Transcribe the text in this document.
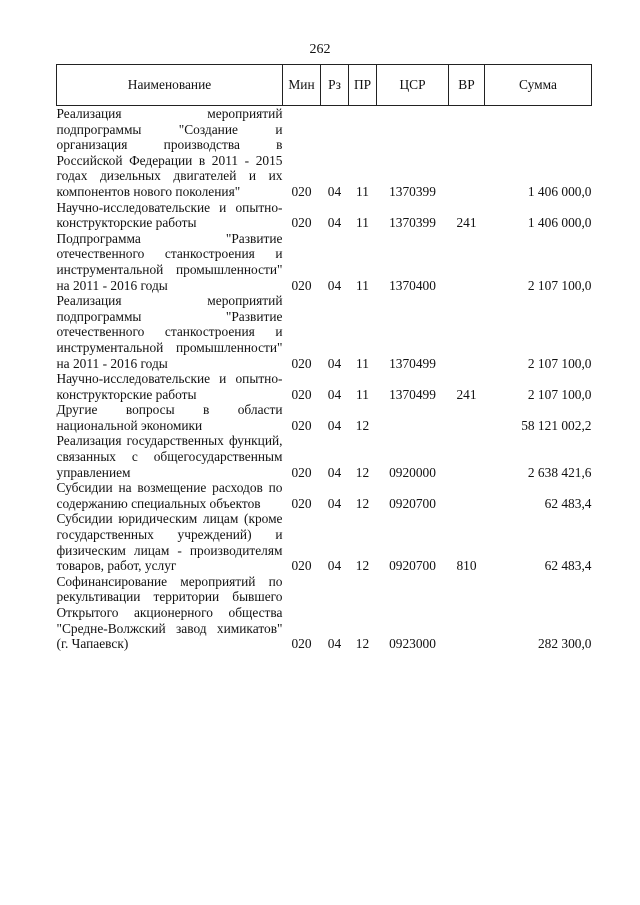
262
Наименование	Мин	Рз	ПР	ЦСР	ВР	Сумма
Реализация мероприятий подпрограммы "Создание и организация производства в Российской Федерации в 2011 - 2015 годах дизельных двигателей и их компонентов нового поколения"	020	04	11	1370399		1 406 000,0
Научно-исследовательские и опытно-конструкторские работы	020	04	11	1370399	241	1 406 000,0
Подпрограмма "Развитие отечественного станкостроения и инструментальной промышленности" на 2011 - 2016 годы	020	04	11	1370400		2 107 100,0
Реализация мероприятий подпрограммы "Развитие отечественного станкостроения и инструментальной промышленности" на 2011 - 2016 годы	020	04	11	1370499		2 107 100,0
Научно-исследовательские и опытно-конструкторские работы	020	04	11	1370499	241	2 107 100,0
Другие вопросы в области национальной экономики	020	04	12			58 121 002,2
Реализация государственных функций, связанных с общегосударственным управлением	020	04	12	0920000		2 638 421,6
Субсидии на возмещение расходов по содержанию специальных объектов	020	04	12	0920700		62 483,4
Субсидии юридическим лицам (кроме государственных учреждений) и физическим лицам - производителям товаров, работ, услуг	020	04	12	0920700	810	62 483,4
Софинансирование мероприятий по рекультивации территории бывшего Открытого акционерного общества "Средне-Волжский завод химикатов" (г. Чапаевск)	020	04	12	0923000		282 300,0
